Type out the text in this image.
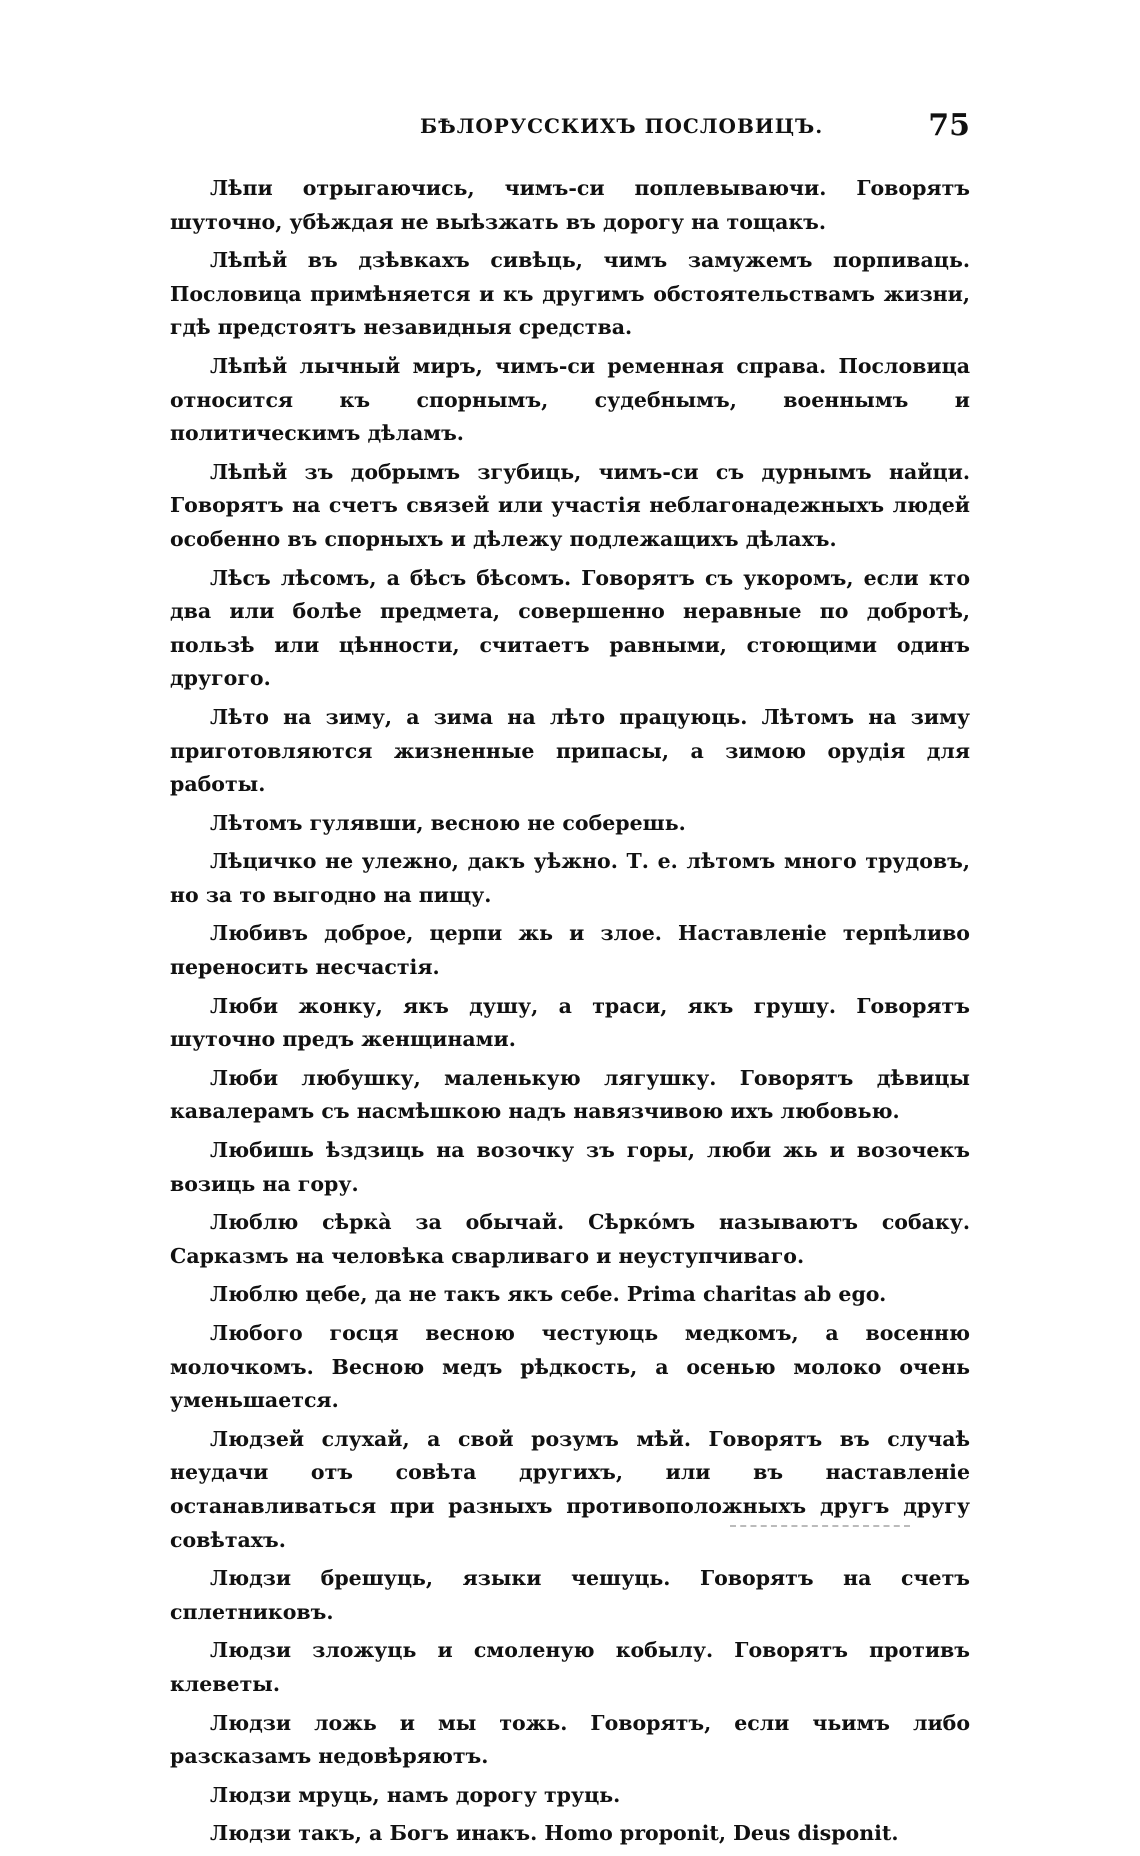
БѢЛОРУССКИХЪ ПОСЛОВИЦЪ.	75

Лѣпи отрыгаючись, чимъ-си поплевываючи. Говорятъ шуточно, убѣждая не выѣзжать въ дорогу на тощакъ.

Лѣпѣй въ дзѣвкахъ сивѣць, чимъ замужемъ порпиваць. Пословица примѣняется и къ другимъ обстоятельствамъ жизни, гдѣ предстоятъ незавидныя средства.

Лѣпѣй лычный миръ, чимъ-си ременная справа. Пословица относится къ спорнымъ, судебнымъ, военнымъ и политическимъ дѣламъ.

Лѣпѣй зъ добрымъ згубиць, чимъ-си съ дурнымъ найци. Говорятъ на счетъ связей или участія неблагонадежныхъ людей особенно въ спорныхъ и дѣлежу подлежащихъ дѣлахъ.

Лѣсъ лѣсомъ, а бѣсъ бѣсомъ. Говорятъ съ укоромъ, если кто два или болѣе предмета, совершенно неравные по добротѣ, пользѣ или цѣнности, считаетъ равными, стоющими одинъ другого.

Лѣто на зиму, а зима на лѣто працуюць. Лѣтомъ на зиму приготовляются жизненные припасы, а зимою орудія для работы.

Лѣтомъ гулявши, весною не соберешь.

Лѣцичко не улежно, дакъ уѣжно. Т. е. лѣтомъ много трудовъ, но за то выгодно на пищу.

Любивъ доброе, церпи жь и злое. Наставленіе терпѣливо переносить несчастія.

Люби жонку, якъ душу, а траси, якъ грушу. Говорятъ шуточно предъ женщинами.

Люби любушку, маленькую лягушку. Говорятъ дѣвицы кавалерамъ съ насмѣшкою надъ навязчивою ихъ любовью.

Любишь ѣздзиць на возочку зъ горы, люби жь и возочекъ возиць на гору.

Люблю сѣркà за обычай. Сѣркóмъ называютъ собаку. Сарказмъ на человѣка сварливаго и неуступчиваго.

Люблю цебе, да не такъ якъ себе. Prima charitas ab ego.

Любого госця весною честуюць медкомъ, а восенню молочкомъ. Весною медъ рѣдкость, а осенью молоко очень уменьшается.

Людзей слухай, а свой розумъ мѣй. Говорятъ въ случаѣ неудачи отъ совѣта другихъ, или въ наставленіе останавливаться при разныхъ противоположныхъ другъ другу совѣтахъ.

Людзи брешуць, языки чешуць. Говорятъ на счетъ сплетниковъ.

Людзи зложуць и смоленую кобылу. Говорятъ противъ клеветы.

Людзи ложь и мы тожь. Говорятъ, если чьимъ либо разсказамъ недовѣряютъ.

Людзи мруць, намъ дорогу труць.

Людзи такъ, а Богъ инакъ. Homo proponit, Deus disponit.
